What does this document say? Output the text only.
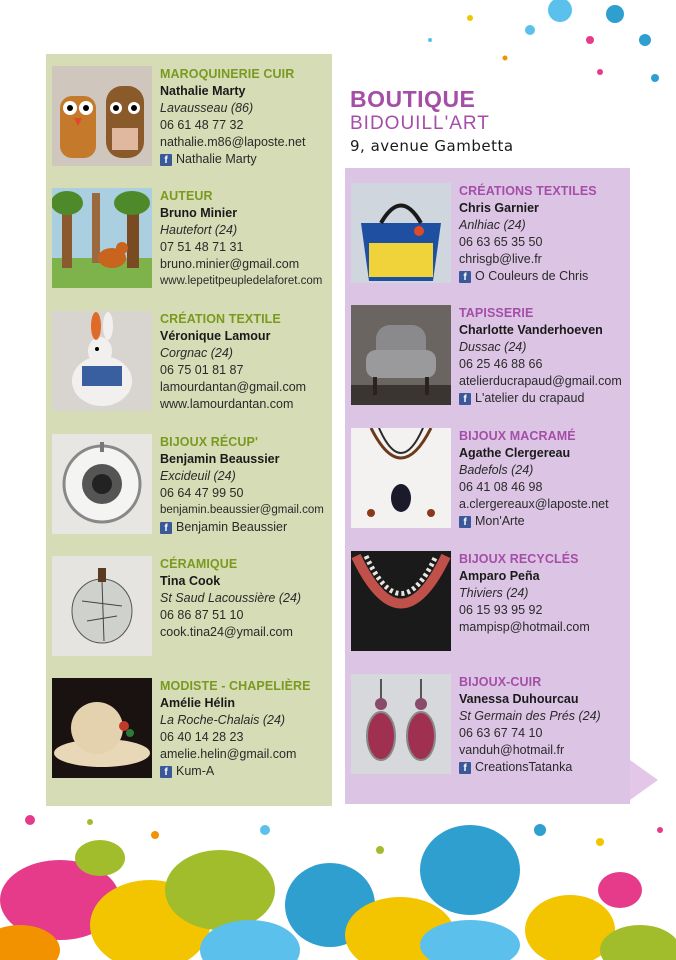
BOUTIQUE
BIDOUILL'ART
9, avenue Gambetta
MAROQUINERIE CUIR
Nathalie Marty
Lavausseau (86)
06 61 48 77 32
nathalie.m86@laposte.net
f Nathalie Marty
AUTEUR
Bruno Minier
Hautefort (24)
07 51 48 71 31
bruno.minier@gmail.com
www.lepetitpeupledelaforet.com
CRÉATION TEXTILE
Véronique Lamour
Corgnac (24)
06 75 01 81 87
lamourdantan@gmail.com
www.lamourdantan.com
BIJOUX RÉCUP'
Benjamin Beaussier
Excideuil (24)
06 64 47 99 50
benjamin.beaussier@gmail.com
f Benjamin Beaussier
CÉRAMIQUE
Tina Cook
St Saud Lacoussière (24)
06 86 87 51 10
cook.tina24@ymail.com
MODISTE - CHAPELIÈRE
Amélie Hélin
La Roche-Chalais (24)
06 40 14 28 23
amelie.helin@gmail.com
f Kum-A
CRÉATIONS TEXTILES
Chris Garnier
Anlhiac (24)
06 63 65 35 50
chrisgb@live.fr
f O Couleurs de Chris
TAPISSERIE
Charlotte Vanderhoeven
Dussac (24)
06 25 46 88 66
atelierducrapaud@gmail.com
f L'atelier du crapaud
BIJOUX MACRAMÉ
Agathe Clergereau
Badefols (24)
06 41 08 46 98
a.clergereaux@laposte.net
f Mon'Arte
BIJOUX RECYCLÉS
Amparo Peña
Thiviers (24)
06 15 93 95 92
mampisp@hotmail.com
BIJOUX-CUIR
Vanessa Duhourcau
St Germain des Prés (24)
06 63 67 74 10
vanduh@hotmail.fr
f CreationsTatanka
